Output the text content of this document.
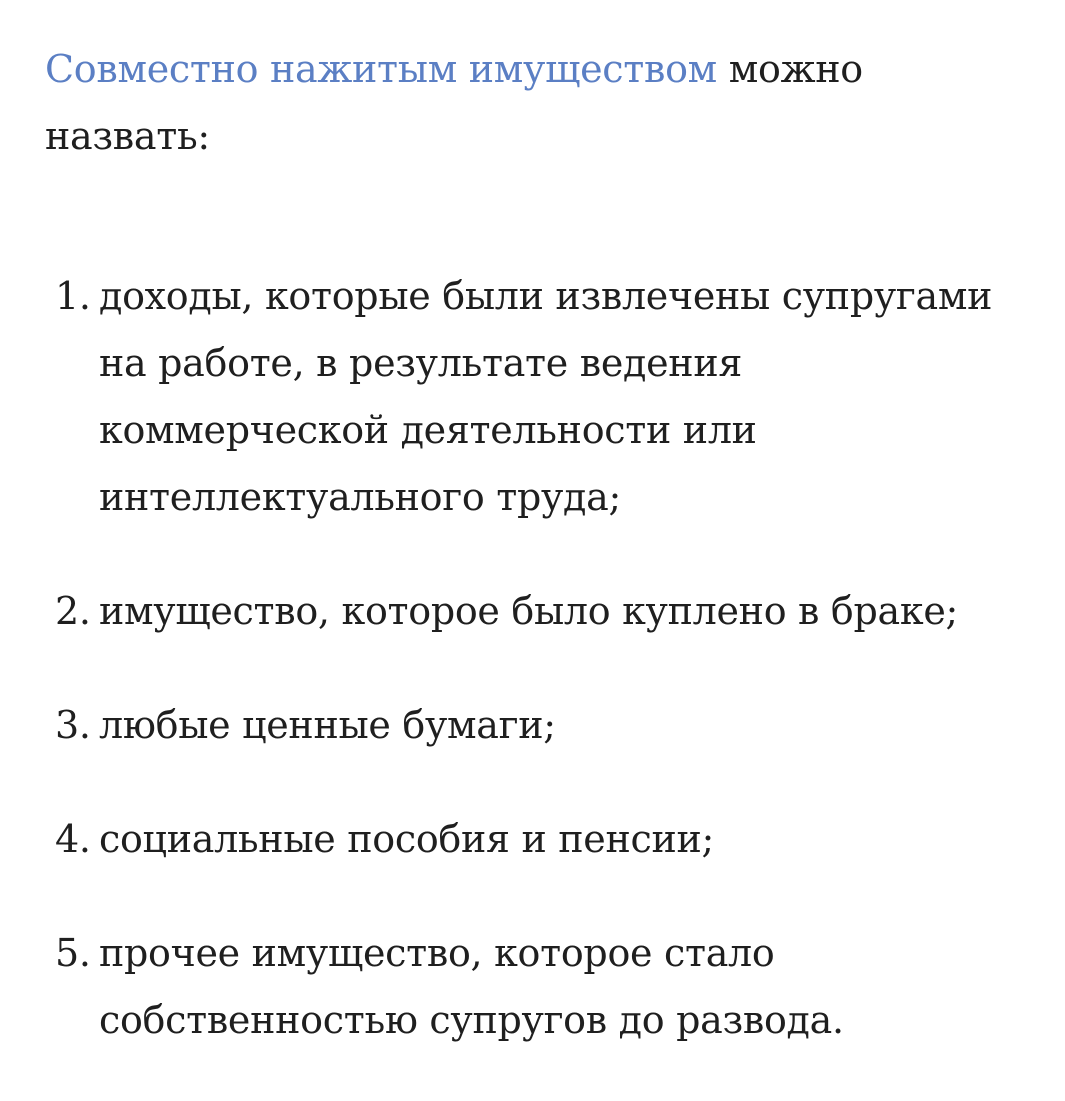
Совместно нажитым имуществом можно назвать:

1. доходы, которые были извлечены супругами на работе, в результате ведения коммерческой деятельности или интеллектуального труда;
2. имущество, которое было куплено в браке;
3. любые ценные бумаги;
4. социальные пособия и пенсии;
5. прочее имущество, которое стало собственностью супругов до развода.
